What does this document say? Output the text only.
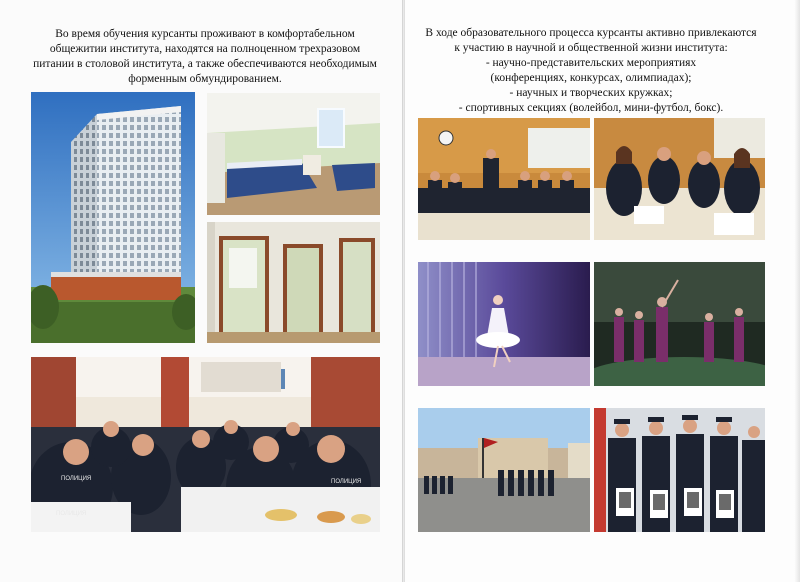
Во время обучения курсанты проживают в комфортабельном
общежитии института, находятся на полноценном трехразовом
питании в столовой института, а также обеспечиваются необходимым
форменным обмундированием.
В ходе образовательного процесса курсанты активно привлекаются
к участию в научной и общественной жизни института:
- научно-представительских мероприятиях
(конференциях, конкурсах, олимпиадах);
- научных и творческих кружках;
- спортивных секциях (волейбол, мини-футбол, бокс).
ПОЛИЦИЯ
ПОЛИЦИЯ
ПОЛИЦИЯ
